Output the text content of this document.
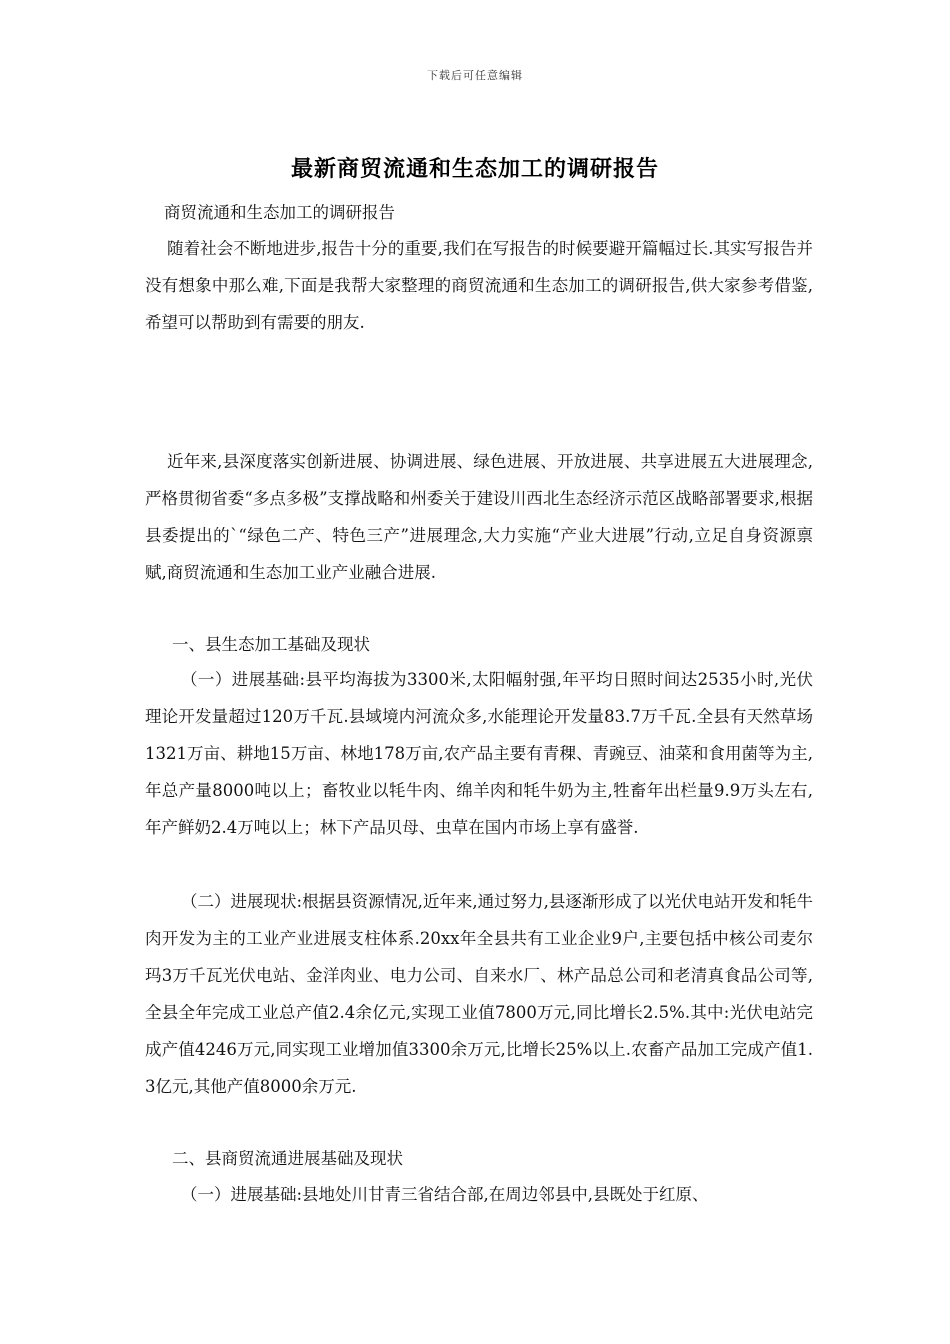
下载后可任意编辑
最新商贸流通和生态加工的调研报告

商贸流通和生态加工的调研报告

随着社会不断地进步,报告十分的重要,我们在写报告的时候要避开篇幅过长.其实写报告并没有想象中那么难,下面是我帮大家整理的商贸流通和生态加工的调研报告,供大家参考借鉴,希望可以帮助到有需要的朋友.

近年来,县深度落实创新进展、协调进展、绿色进展、开放进展、共享进展五大进展理念,严格贯彻省委“多点多极”支撑战略和州委关于建设川西北生态经济示范区战略部署要求,根据县委提出的`“绿色二产、特色三产”进展理念,大力实施“产业大进展”行动,立足自身资源禀赋,商贸流通和生态加工业产业融合进展.

一、县生态加工基础及现状

（一）进展基础:县平均海拔为3300米,太阳幅射强,年平均日照时间达2535小时,光伏理论开发量超过120万千瓦.县域境内河流众多,水能理论开发量83.7万千瓦.全县有天然草场1321万亩、耕地15万亩、林地178万亩,农产品主要有青稞、青豌豆、油菜和食用菌等为主,年总产量8000吨以上；畜牧业以牦牛肉、绵羊肉和牦牛奶为主,牲畜年出栏量9.9万头左右,年产鲜奶2.4万吨以上；林下产品贝母、虫草在国内市场上享有盛誉.

（二）进展现状:根据县资源情况,近年来,通过努力,县逐渐形成了以光伏电站开发和牦牛肉开发为主的工业产业进展支柱体系.20xx年全县共有工业企业9户,主要包括中核公司麦尔玛3万千瓦光伏电站、金洋肉业、电力公司、自来水厂、林产品总公司和老清真食品公司等,全县全年完成工业总产值2.4余亿元,实现工业值7800万元,同比增长2.5%.其中:光伏电站完成产值4246万元,同实现工业增加值3300余万元,比增长25%以上.农畜产品加工完成产值1.3亿元,其他产值8000余万元.

二、县商贸流通进展基础及现状

（一）进展基础:县地处川甘青三省结合部,在周边邻县中,县既处于红原、
